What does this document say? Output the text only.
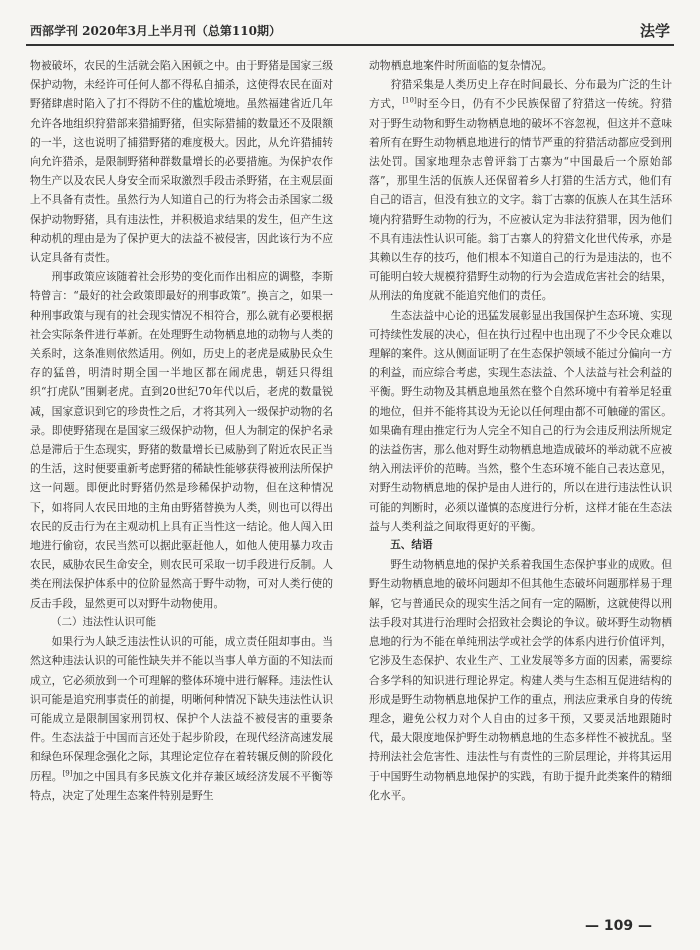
西部学刊 2020年3月上半月刊（总第110期）	法学

物被破坏，农民的生活就会陷入困顿之中。由于野猪是国家三级保护动物，未经许可任何人都不得私自捕杀，这使得农民在面对野猪肆虐时陷入了打不得防不住的尴尬境地。虽然福建省近几年允许各地组织狩猎部来猎捕野猪，但实际猎捕的数量还不及限额的一半，这也说明了捕猎野猪的难度极大。因此，从允许猎捕转向允许猎杀，是限制野猪种群数量增长的必要措施。为保护农作物生产以及农民人身安全而采取激烈手段击杀野猪，在主观层面上不具备有责性。虽然行为人知道自己的行为将会击杀国家二级保护动物野猪，具有违法性，并积极追求结果的发生，但产生这种动机的理由是为了保护更大的法益不被侵害，因此该行为不应认定具备有责性。

刑事政策应该随着社会形势的变化而作出相应的调整，李斯特曾言：“最好的社会政策即最好的刑事政策”。换言之，如果一种刑事政策与现有的社会现实情况不相符合，那么就有必要根据社会实际条件进行革新。在处理野生动物栖息地的动物与人类的关系时，这条准则依然适用。例如，历史上的老虎是威胁民众生存的猛兽，明清时期全国一半地区都在闹虎患，朝廷只得组织“打虎队”围剿老虎。直到20世纪70年代以后，老虎的数量锐减，国家意识到它的珍贵性之后，才将其列入一级保护动物的名录。即使野猪现在是国家三级保护动物，但人为制定的保护名录总是滞后于生态现实，野猪的数量增长已威胁到了附近农民正当的生活，这时便要重新考虑野猪的稀缺性能够获得被刑法所保护这一问题。即便此时野猪仍然是珍稀保护动物，但在这种情况下，如将同人农民田地的主角由野猪替换为人类，则也可以得出农民的反击行为在主观动机上具有正当性这一结论。他人闯入田地进行偷窃，农民当然可以据此驱赶他人，如他人使用暴力攻击农民，威胁农民生命安全，则农民可采取一切手段进行反制。人类在刑法保护体系中的位阶显然高于野牛动物，可对人类行使的反击手段，显然更可以对野牛动物使用。

（二）违法性认识可能

如果行为人缺乏违法性认识的可能，成立责任阻却事由。当然这种违法认识的可能性缺失并不能以当事人单方面的不知法而成立，它必须放到一个可理解的整体环境中进行解释。违法性认识可能是追究刑事责任的前提，明晰何种情况下缺失违法性认识可能成立是限制国家刑罚权、保护个人法益不被侵害的重要条件。生态法益于中国而言还处于起步阶段，在现代经济高速发展和绿色环保理念强化之际，其理论定位存在着转辗反侧的阶段化历程。[9]加之中国具有多民族文化并存兼区域经济发展不平衡等特点，决定了处理生态案件特别是野生

动物栖息地案件时所面临的复杂情况。

狩猎采集是人类历史上存在时间最长、分布最为广泛的生计方式，[10]时至今日，仍有不少民族保留了狩猎这一传统。狩猎对于野生动物和野生动物栖息地的破坏不容忽视，但这并不意味着所有在野生动物栖息地进行的情节严重的狩猎活动都应受到刑法处罚。国家地理杂志曾评翁丁古寨为“中国最后一个原始部落”，那里生活的佤族人还保留着乡人打猎的生活方式，他们有自己的语言，但没有独立的文字。翁丁古寨的佤族人在其生活环境内狩猎野生动物的行为，不应被认定为非法狩猎罪，因为他们不具有违法性认识可能。翁丁古寨人的狩猎文化世代传承，亦是其赖以生存的技巧，他们根本不知道自己的行为是违法的，也不可能明白较大规模狩猎野生动物的行为会造成危害社会的结果，从刑法的角度就不能追究他们的责任。

生态法益中心论的迅猛发展彰显出我国保护生态环境、实现可持续性发展的决心，但在执行过程中也出现了不少令民众难以理解的案件。这从侧面证明了在生态保护领域不能过分偏向一方的利益，而应综合考虑，实现生态法益、个人法益与社会利益的平衡。野生动物及其栖息地虽然在整个自然环境中有着举足轻重的地位，但并不能将其设为无论以任何理由都不可触碰的雷区。如果确有理由推定行为人完全不知自己的行为会违反刑法所规定的法益伤害，那么他对野生动物栖息地造成破坏的举动就不应被纳入刑法评价的范畴。当然，整个生态环境不能自己表达意见，对野生动物栖息地的保护是由人进行的，所以在进行违法性认识可能的判断时，必须以谨慎的态度进行分析，这样才能在生态法益与人类利益之间取得更好的平衡。

五、结语

野生动物栖息地的保护关系着我国生态保护事业的成败。但野生动物栖息地的破坏问题却不但其他生态破坏问题那样易于理解，它与普通民众的现实生活之间有一定的隔断，这就使得以刑法手段对其进行治理时会招致社会舆论的争议。破坏野生动物栖息地的行为不能在单纯刑法学或社会学的体系内进行价值评判，它涉及生态保护、农业生产、工业发展等多方面的因素，需要综合多学科的知识进行理论界定。构建人类与生态相互促进结构的形成是野生动物栖息地保护工作的重点，刑法应秉承自身的传统理念，避免公权力对个人自由的过多干预，又要灵活地跟随时代，最大限度地保护野生动物栖息地的生态多样性不被扰乱。坚持刑法社会危害性、违法性与有责性的三阶层理论，并将其运用于中国野生动物栖息地保护的实践，有助于提升此类案件的精细化水平。

— 109 —
